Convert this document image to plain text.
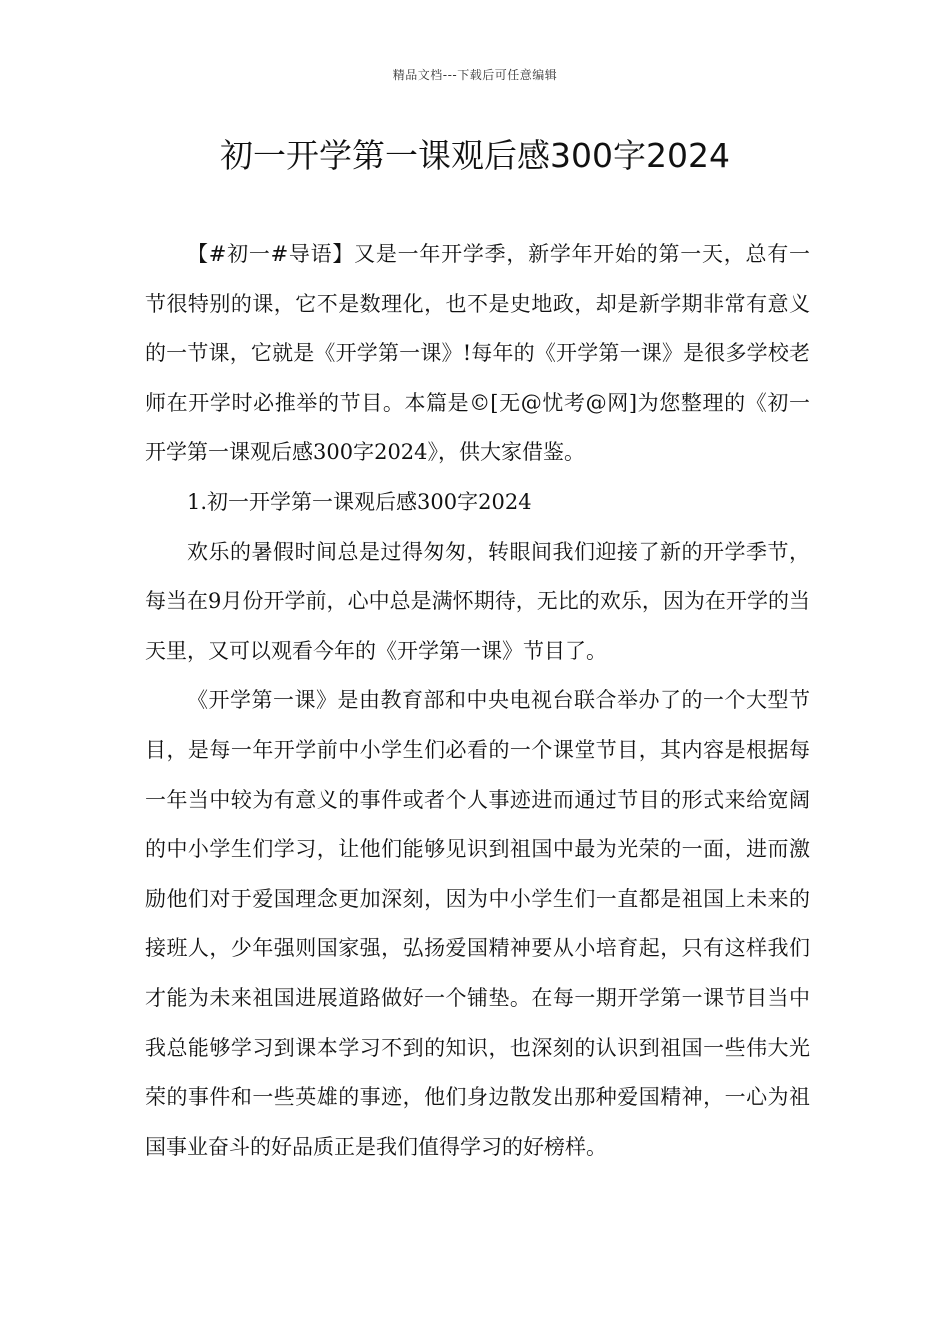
精品文档---下载后可任意编辑
初一开学第一课观后感300字2024

【#初一#导语】又是一年开学季，新学年开始的第一天，总有一节很特别的课，它不是数理化，也不是史地政，却是新学期非常有意义的一节课，它就是《开学第一课》!每年的《开学第一课》是很多学校老师在开学时必推举的节目。本篇是©[无@忧考@网]为您整理的《初一开学第一课观后感300字2024》，供大家借鉴。

1.初一开学第一课观后感300字2024

欢乐的暑假时间总是过得匆匆，转眼间我们迎接了新的开学季节，每当在9月份开学前，心中总是满怀期待，无比的欢乐，因为在开学的当天里，又可以观看今年的《开学第一课》节目了。

《开学第一课》是由教育部和中央电视台联合举办了的一个大型节目，是每一年开学前中小学生们必看的一个课堂节目，其内容是根据每一年当中较为有意义的事件或者个人事迹进而通过节目的形式来给宽阔的中小学生们学习，让他们能够见识到祖国中最为光荣的一面，进而激励他们对于爱国理念更加深刻，因为中小学生们一直都是祖国上未来的接班人，少年强则国家强，弘扬爱国精神要从小培育起，只有这样我们才能为未来祖国进展道路做好一个铺垫。在每一期开学第一课节目当中我总能够学习到课本学习不到的知识，也深刻的认识到祖国一些伟大光荣的事件和一些英雄的事迹，他们身边散发出那种爱国精神，一心为祖国事业奋斗的好品质正是我们值得学习的好榜样。
